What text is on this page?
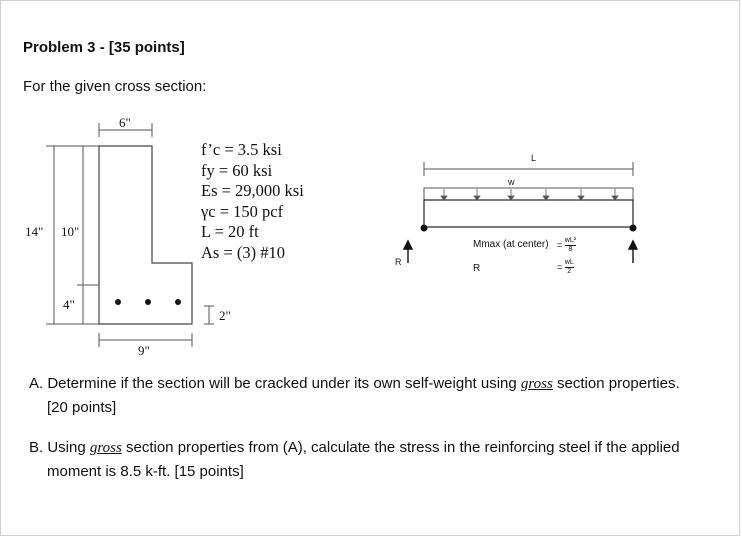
Problem 3 - [35 points]
For the given cross section:
6"
14" 10"
4"
9"
2"
f’c = 3.5 ksi
fy = 60 ksi
Es = 29,000 ksi
γc = 150 pcf
L = 20 ft
As = (3) #10
L
w
R
Mmax (at center) = $\frac{\text{wL²}}{8}$
R	= $\frac{wL}{2}$
A. Determine if the section will be cracked under its own self-weight using gross section properties.
[20 points]
B. Using gross section properties from (A), calculate the stress in the reinforcing steel if the applied
moment is 8.5 k-ft. [15 points]
